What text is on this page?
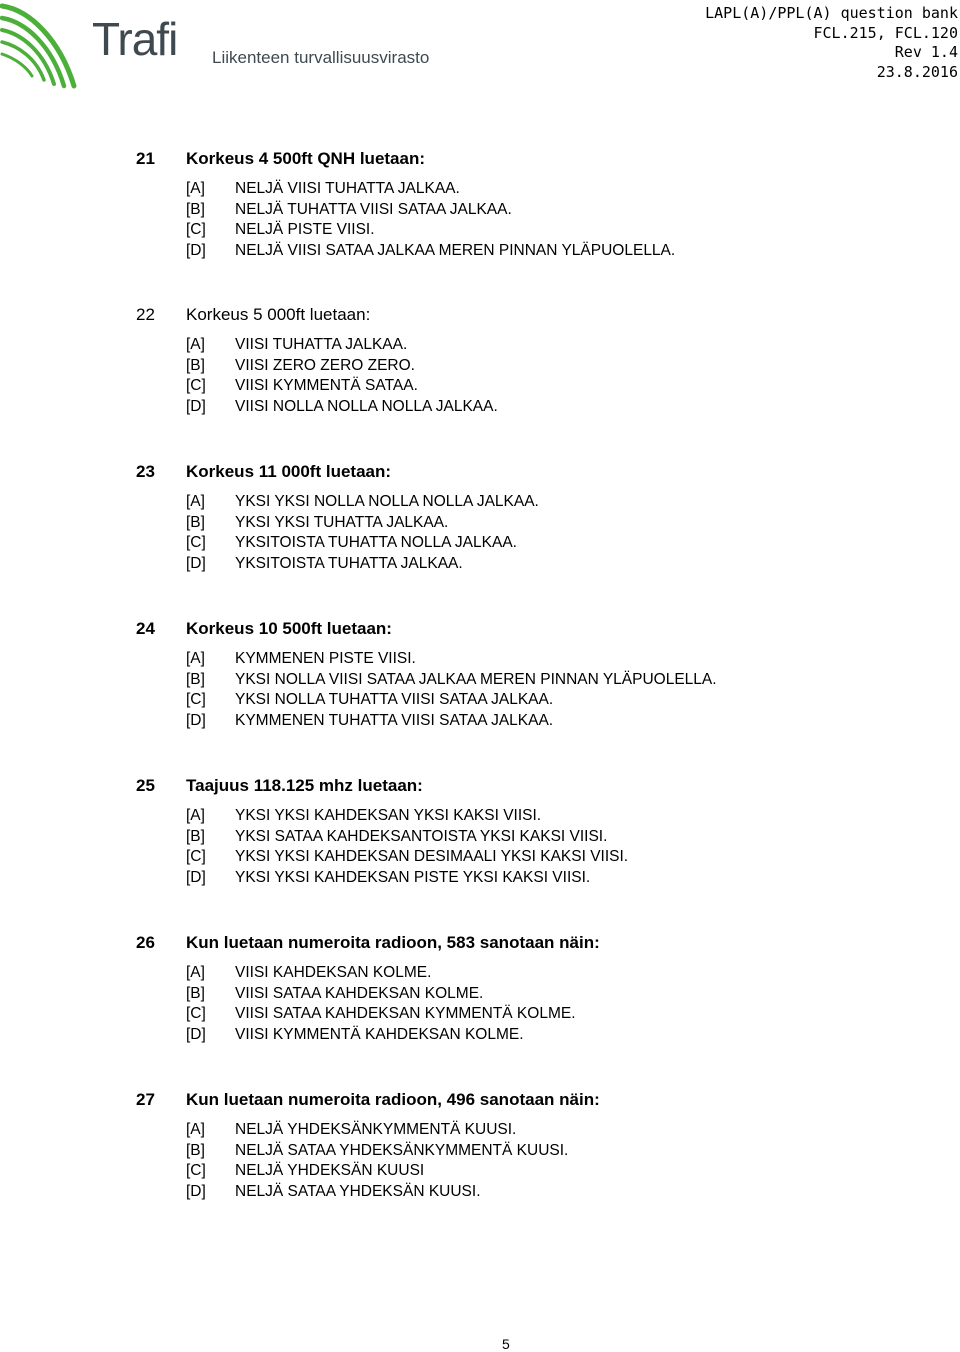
Trafi Liikenteen turvallisuusvirasto
LAPL(A)/PPL(A) question bank
FCL.215, FCL.120
Rev 1.4
23.8.2016
21 Korkeus 4 500ft QNH luetaan:
[A] NELJÄ VIISI TUHATTA JALKAA.
[B] NELJÄ TUHATTA VIISI SATAA JALKAA.
[C] NELJÄ PISTE VIISI.
[D] NELJÄ VIISI SATAA JALKAA MEREN PINNAN YLÄPUOLELLA.
22 Korkeus 5 000ft luetaan:
[A] VIISI TUHATTA JALKAA.
[B] VIISI ZERO ZERO ZERO.
[C] VIISI KYMMENTÄ SATAA.
[D] VIISI NOLLA NOLLA NOLLA JALKAA.
23 Korkeus 11 000ft luetaan:
[A] YKSI YKSI NOLLA NOLLA NOLLA JALKAA.
[B] YKSI YKSI TUHATTA JALKAA.
[C] YKSITOISTA TUHATTA NOLLA JALKAA.
[D] YKSITOISTA TUHATTA JALKAA.
24 Korkeus 10 500ft luetaan:
[A] KYMMENEN PISTE VIISI.
[B] YKSI NOLLA VIISI SATAA JALKAA MEREN PINNAN YLÄPUOLELLA.
[C] YKSI NOLLA TUHATTA VIISI SATAA JALKAA.
[D] KYMMENEN TUHATTA VIISI SATAA JALKAA.
25 Taajuus 118.125 mhz luetaan:
[A] YKSI YKSI KAHDEKSAN YKSI KAKSI VIISI.
[B] YKSI SATAA KAHDEKSANTOISTA YKSI KAKSI VIISI.
[C] YKSI YKSI KAHDEKSAN DESIMAALI YKSI KAKSI VIISI.
[D] YKSI YKSI KAHDEKSAN PISTE YKSI KAKSI VIISI.
26 Kun luetaan numeroita radioon, 583 sanotaan näin:
[A] VIISI KAHDEKSAN KOLME.
[B] VIISI SATAA KAHDEKSAN KOLME.
[C] VIISI SATAA KAHDEKSAN KYMMENTÄ KOLME.
[D] VIISI KYMMENTÄ KAHDEKSAN KOLME.
27 Kun luetaan numeroita radioon, 496 sanotaan näin:
[A] NELJÄ YHDEKSÄNKYMMENTÄ KUUSI.
[B] NELJÄ SATAA YHDEKSÄNKYMMENTÄ KUUSI.
[C] NELJÄ YHDEKSÄN KUUSI
[D] NELJÄ SATAA YHDEKSÄN KUUSI.
5
